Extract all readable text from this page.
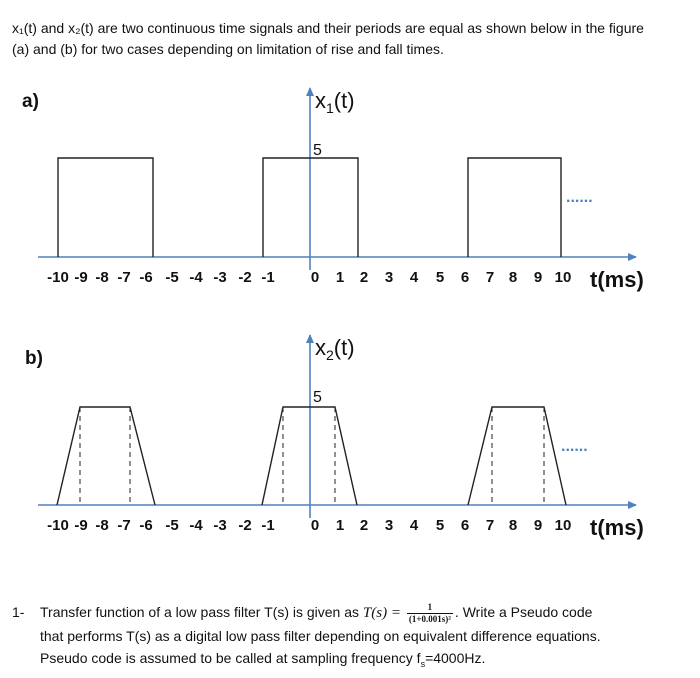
x₁(t) and x₂(t) are two continuous time signals and their periods are equal as shown below in the figure
(a) and (b) for two cases depending on limitation of rise and fall times.
a)
b)
......
5
$x_1(t)$
-10 -9 -8 -7 -6 -5 -4 -3 -2 -1 0 1 2 3 4 5 6 7 8 9 10 t(ms)
......
5
$x_2(t)$
-10 -9 -8 -7 -6 -5 -4 -3 -2 -1 0 1 2 3 4 5 6 7 8 9 10 t(ms)
1- Transfer function of a low pass filter T(s) is given as $T(s) = \frac{1}{\text{(1+0.001s)²}}$ . Write a Pseudo code
that performs T(s) as a digital low pass filter depending on equivalent difference equations.
Pseudo code is assumed to be called at sampling frequency $f_s=4000Hz$.
